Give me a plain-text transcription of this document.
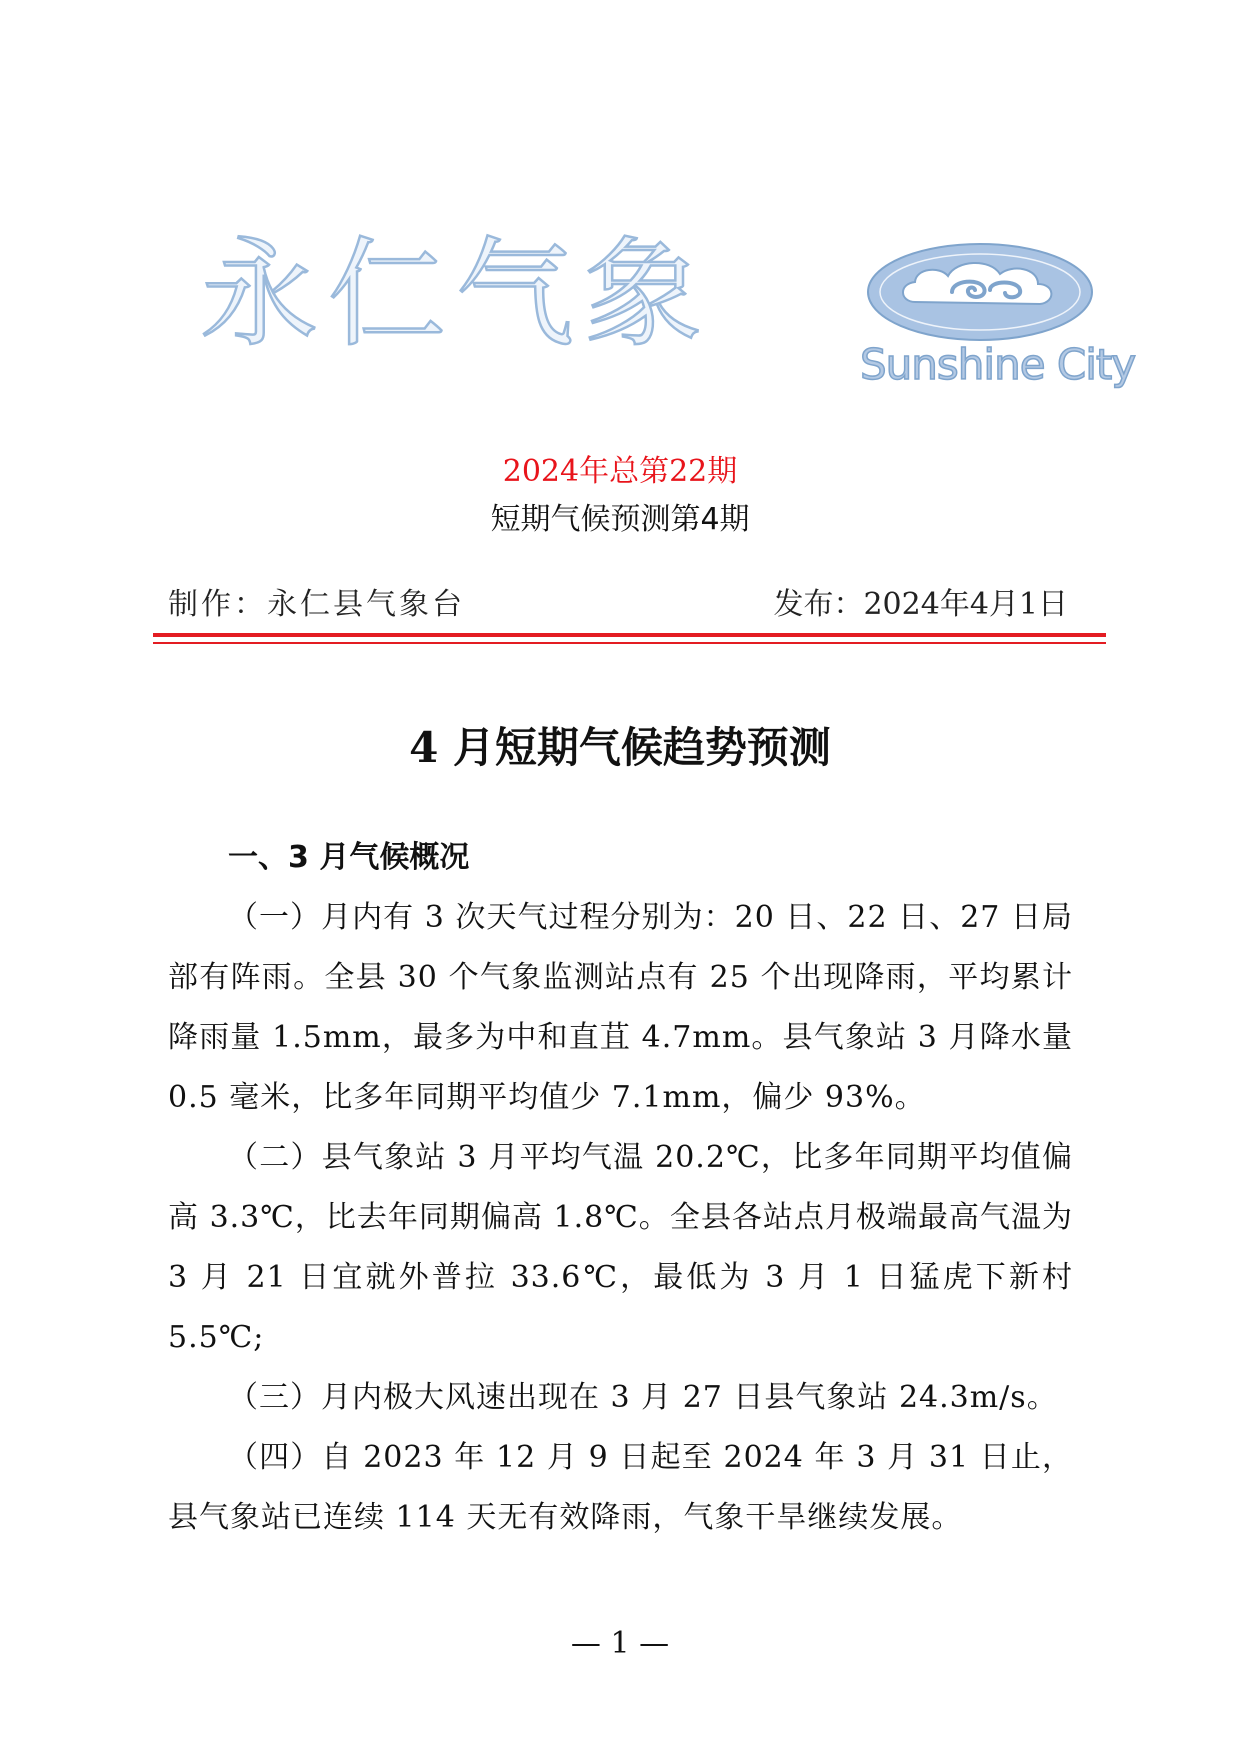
永仁气象
Sunshine City
2024年总第22期
短期气候预测第4期
制作：永仁县气象台	发布：2024年4月1日
4 月短期气候趋势预测

一、3 月气候概况

（一）月内有 3 次天气过程分别为：20 日、22 日、27 日局部有阵雨。全县 30 个气象监测站点有 25 个出现降雨，平均累计降雨量 1.5mm，最多为中和直苴 4.7mm。县气象站 3 月降水量 0.5 毫米，比多年同期平均值少 7.1mm，偏少 93%。

（二）县气象站 3 月平均气温 20.2℃，比多年同期平均值偏高 3.3℃，比去年同期偏高 1.8℃。全县各站点月极端最高气温为 3 月 21 日宜就外普拉 33.6℃，最低为 3 月 1 日猛虎下新村 5.5℃;

（三）月内极大风速出现在 3 月 27 日县气象站 24.3m/s。

（四）自 2023 年 12 月 9 日起至 2024 年 3 月 31 日止，县气象站已连续 114 天无有效降雨，气象干旱继续发展。

— 1 —
